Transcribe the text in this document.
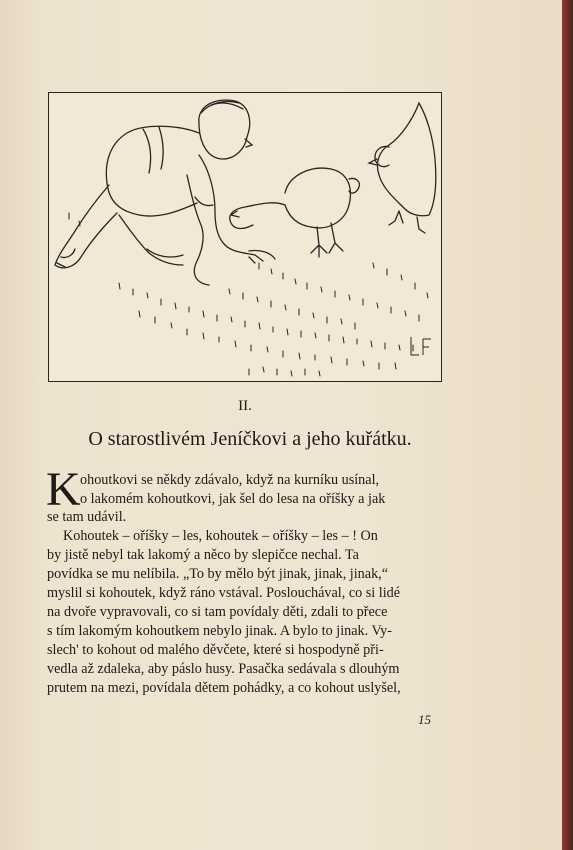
II.
O starostlivém Jeníčkovi a jeho kuřátku.
K ohoutkovi se někdy zdávalo, když na kurníku usínal,
o lakomém kohoutkovi, jak šel do lesa na oříšky a jak
se tam udávil.
Kohoutek – oříšky – les, kohoutek – oříšky – les – ! On
by jistě nebyl tak lakomý a něco by slepičce nechal. Ta
povídka se mu nelíbila. „To by mělo být jinak, jinak, jinak,“
myslil si kohoutek, když ráno vstával. Poslouchával, co si lidé
na dvoře vypravovali, co si tam povídaly děti, zdali to přece
s tím lakomým kohoutkem nebylo jinak. A bylo to jinak. Vy-
slech' to kohout od malého děvčete, které si hospodyně při-
vedla až zdaleka, aby páslo husy. Pasačka sedávala s dlouhým
prutem na mezi, povídala dětem pohádky, a co kohout uslyšel,
15
